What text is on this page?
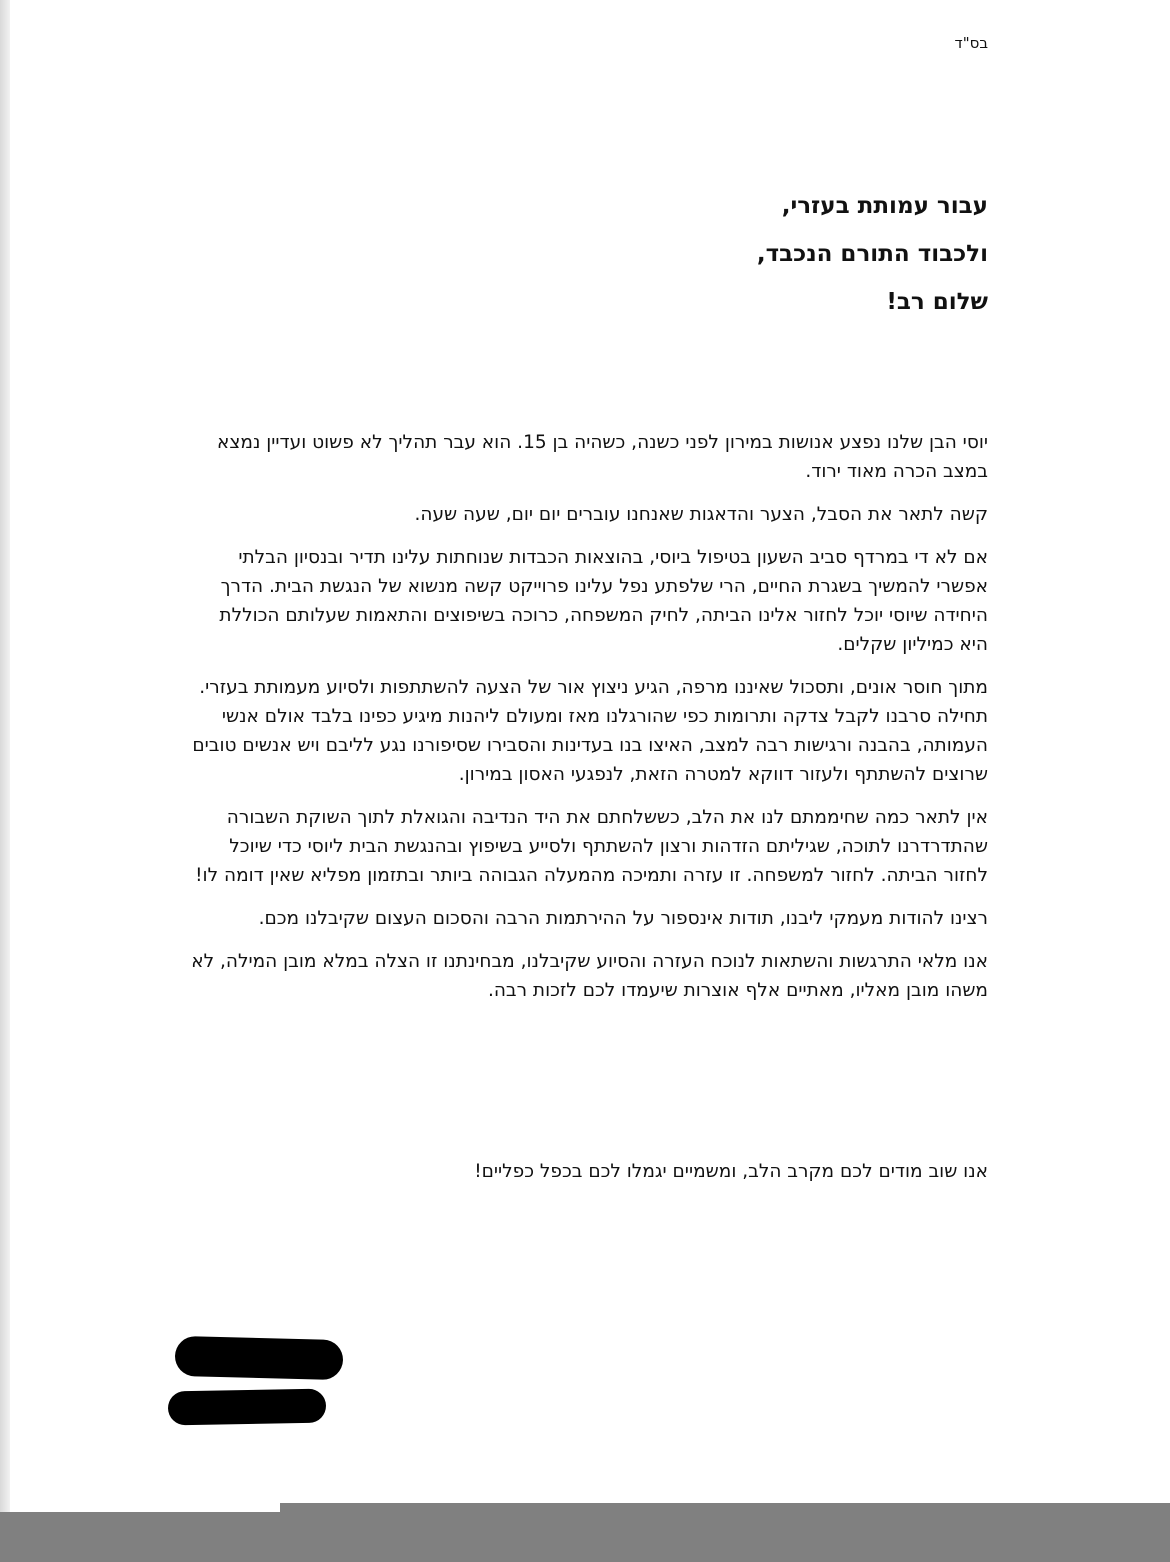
בס"ד

עבור עמותת בעזרי,

ולכבוד התורם הנכבד,

שלום רב!

יוסי הבן שלנו נפצע אנושות במירון לפני כשנה, כשהיה בן 15. הוא עבר תהליך לא פשוט ועדיין נמצא במצב הכרה מאוד ירוד.

קשה לתאר את הסבל, הצער והדאגות שאנחנו עוברים יום יום, שעה שעה.

אם לא די במרדף סביב השעון בטיפול ביוסי, בהוצאות הכבדות שנוחתות עלינו תדיר ובנסיון הבלתי אפשרי להמשיך בשגרת החיים, הרי שלפתע נפל עלינו פרוייקט קשה מנשוא של הנגשת הבית. הדרך היחידה שיוסי יוכל לחזור אלינו הביתה, לחיק המשפחה, כרוכה בשיפוצים והתאמות שעלותם הכוללת היא כמיליון שקלים.

מתוך חוסר אונים, ותסכול שאיננו מרפה, הגיע ניצוץ אור של הצעה להשתתפות ולסיוע מעמותת בעזרי. תחילה סרבנו לקבל צדקה ותרומות כפי שהורגלנו מאז ומעולם ליהנות מיגיע כפינו בלבד אולם אנשי העמותה, בהבנה ורגישות רבה למצב, האיצו בנו בעדינות והסבירו שסיפורנו נגע לליבם ויש אנשים טובים שרוצים להשתתף ולעזור דווקא למטרה הזאת, לנפגעי האסון במירון.

אין לתאר כמה שחיממתם לנו את הלב, כששלחתם את היד הנדיבה והגואלת לתוך השוקת השבורה שהתדרדרנו לתוכה, שגיליתם הזדהות ורצון להשתתף ולסייע בשיפוץ ובהנגשת הבית ליוסי כדי שיוכל לחזור הביתה. לחזור למשפחה. זו עזרה ותמיכה מהמעלה הגבוהה ביותר ובתזמון מפליא שאין דומה לו!

רצינו להודות מעמקי ליבנו, תודות אינספור על ההירתמות הרבה והסכום העצום שקיבלנו מכם.

אנו מלאי התרגשות והשתאות לנוכח העזרה והסיוע שקיבלנו, מבחינתנו זו הצלה במלא מובן המילה, לא משהו מובן מאליו, מאתיים אלף אוצרות שיעמדו לכם לזכות רבה.

אנו שוב מודים לכם מקרב הלב, ומשמיים יגמלו לכם בכפל כפליים!
